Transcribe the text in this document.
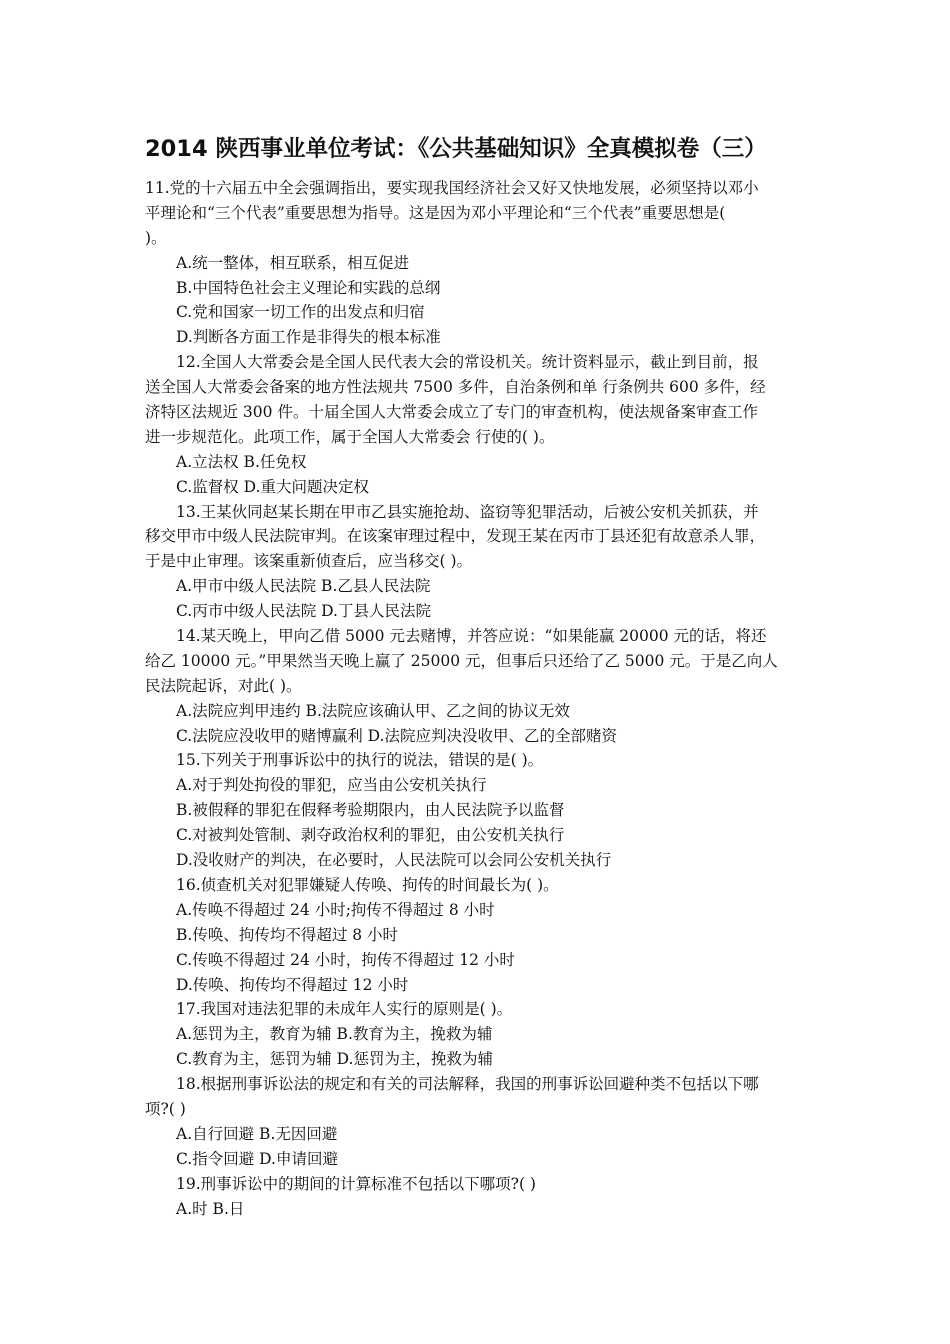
2014 陕西事业单位考试：《公共基础知识》全真模拟卷（三）
11.党的十六届五中全会强调指出，要实现我国经济社会又好又快地发展，必须坚持以邓小
平理论和“三个代表”重要思想为指导。这是因为邓小平理论和“三个代表”重要思想是(
)。
A.统一整体，相互联系，相互促进
B.中国特色社会主义理论和实践的总纲
C.党和国家一切工作的出发点和归宿
D.判断各方面工作是非得失的根本标准
12.全国人大常委会是全国人民代表大会的常设机关。统计资料显示，截止到目前，报
送全国人大常委会备案的地方性法规共 7500 多件，自治条例和单 行条例共 600 多件，经
济特区法规近 300 件。十届全国人大常委会成立了专门的审查机构，使法规备案审查工作
进一步规范化。此项工作，属于全国人大常委会 行使的( )。
A.立法权 B.任免权
C.监督权 D.重大问题决定权
13.王某伙同赵某长期在甲市乙县实施抢劫、盗窃等犯罪活动，后被公安机关抓获，并
移交甲市中级人民法院审判。在该案审理过程中，发现王某在丙市丁县还犯有故意杀人罪，
于是中止审理。该案重新侦查后，应当移交( )。
A.甲市中级人民法院 B.乙县人民法院
C.丙市中级人民法院 D.丁县人民法院
14.某天晚上，甲向乙借 5000 元去赌博，并答应说：“如果能赢 20000 元的话，将还
给乙 10000 元。”甲果然当天晚上赢了 25000 元，但事后只还给了乙 5000 元。于是乙向人
民法院起诉，对此( )。
A.法院应判甲违约 B.法院应该确认甲、乙之间的协议无效
C.法院应没收甲的赌博赢利 D.法院应判决没收甲、乙的全部赌资
15.下列关于刑事诉讼中的执行的说法，错误的是( )。
A.对于判处拘役的罪犯，应当由公安机关执行
B.被假释的罪犯在假释考验期限内，由人民法院予以监督
C.对被判处管制、剥夺政治权利的罪犯，由公安机关执行
D.没收财产的判决，在必要时，人民法院可以会同公安机关执行
16.侦查机关对犯罪嫌疑人传唤、拘传的时间最长为( )。
A.传唤不得超过 24 小时;拘传不得超过 8 小时
B.传唤、拘传均不得超过 8 小时
C.传唤不得超过 24 小时，拘传不得超过 12 小时
D.传唤、拘传均不得超过 12 小时
17.我国对违法犯罪的未成年人实行的原则是( )。
A.惩罚为主，教育为辅 B.教育为主，挽救为辅
C.教育为主，惩罚为辅 D.惩罚为主，挽救为辅
18.根据刑事诉讼法的规定和有关的司法解释，我国的刑事诉讼回避种类不包括以下哪
项?( )
A.自行回避 B.无因回避
C.指令回避 D.申请回避
19.刑事诉讼中的期间的计算标准不包括以下哪项?( )
A.时 B.日
